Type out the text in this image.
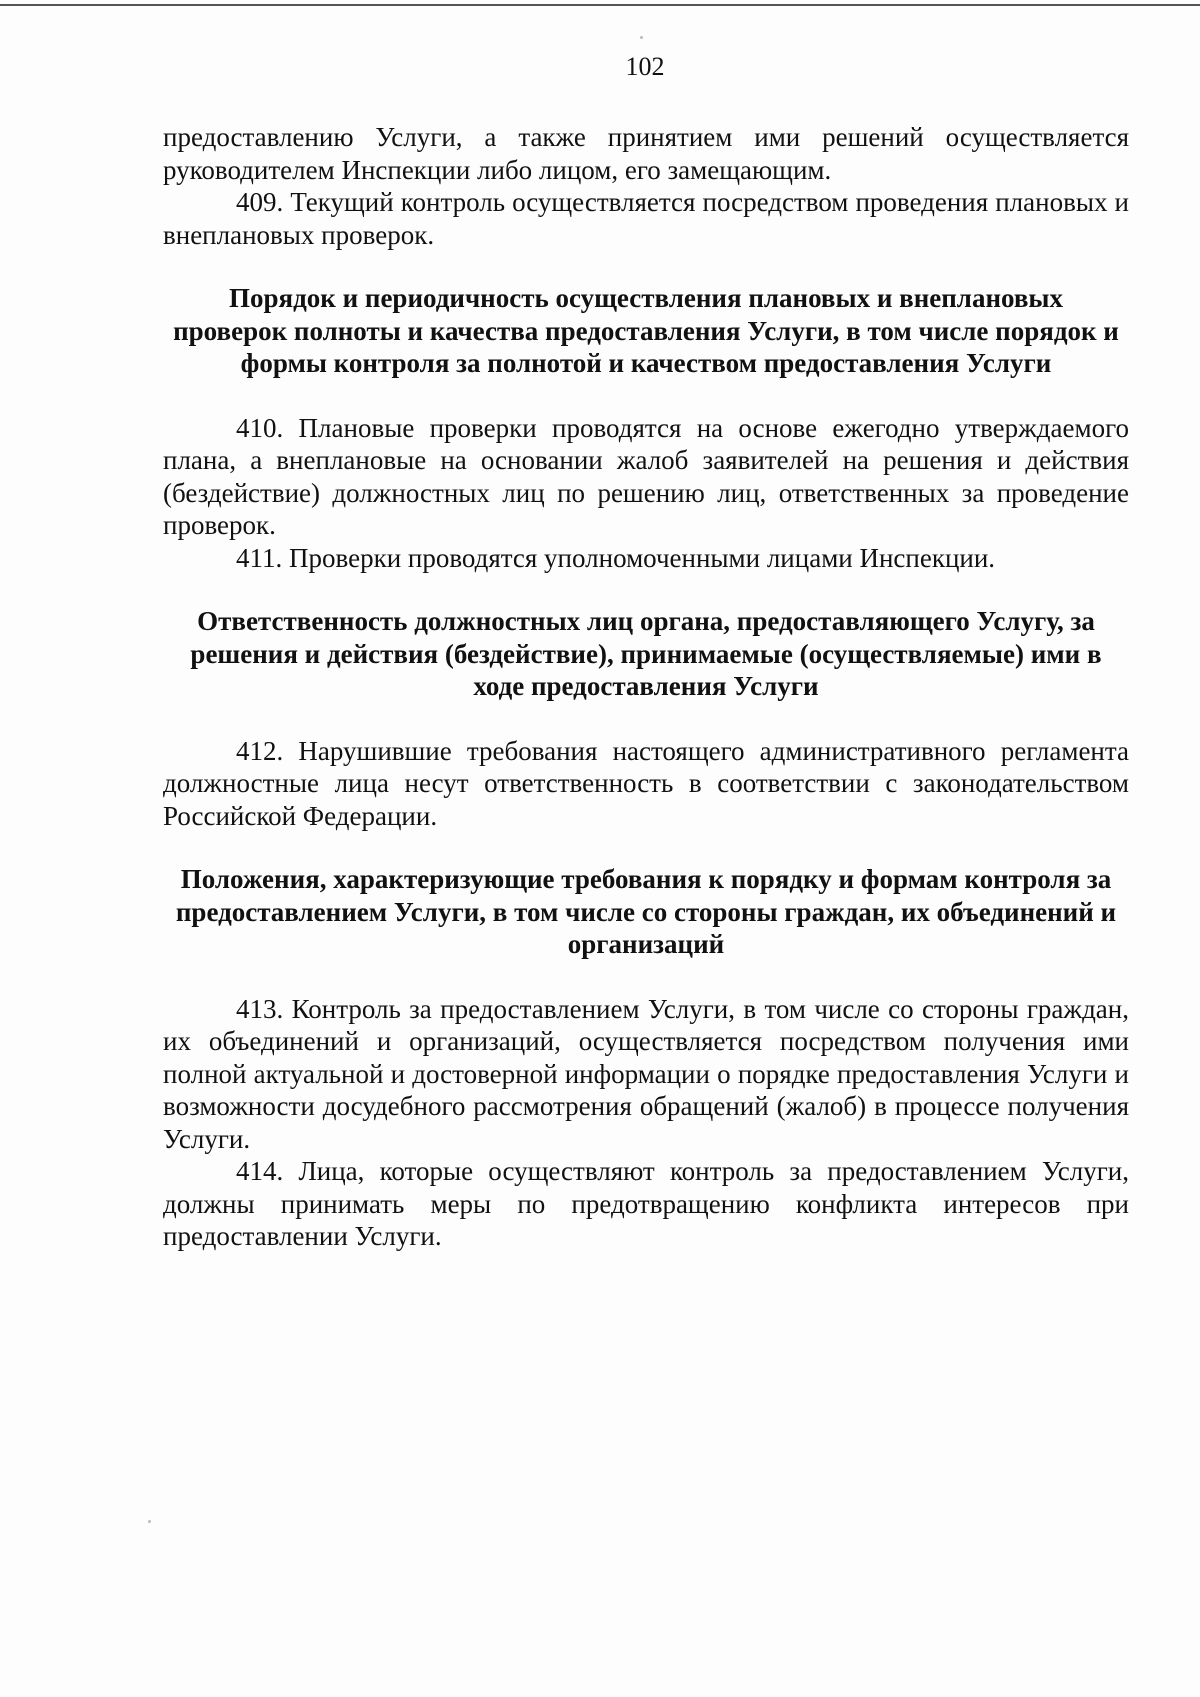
102

предоставлению Услуги, а также принятием ими решений осуществляется руководителем Инспекции либо лицом, его замещающим.

409. Текущий контроль осуществляется посредством проведения плановых и внеплановых проверок.

Порядок и периодичность осуществления плановых и внеплановых проверок полноты и качества предоставления Услуги, в том числе порядок и формы контроля за полнотой и качеством предоставления Услуги

410. Плановые проверки проводятся на основе ежегодно утверждаемого плана, а внеплановые на основании жалоб заявителей на решения и действия (бездействие) должностных лиц по решению лиц, ответственных за проведение проверок.

411. Проверки проводятся уполномоченными лицами Инспекции.

Ответственность должностных лиц органа, предоставляющего Услугу, за решения и действия (бездействие), принимаемые (осуществляемые) ими в ходе предоставления Услуги

412. Нарушившие требования настоящего административного регламента должностные лица несут ответственность в соответствии с законодательством Российской Федерации.

Положения, характеризующие требования к порядку и формам контроля за предоставлением Услуги, в том числе со стороны граждан, их объединений и организаций

413. Контроль за предоставлением Услуги, в том числе со стороны граждан, их объединений и организаций, осуществляется посредством получения ими полной актуальной и достоверной информации о порядке предоставления Услуги и возможности досудебного рассмотрения обращений (жалоб) в процессе получения Услуги.

414. Лица, которые осуществляют контроль за предоставлением Услуги, должны принимать меры по предотвращению конфликта интересов при предоставлении Услуги.
